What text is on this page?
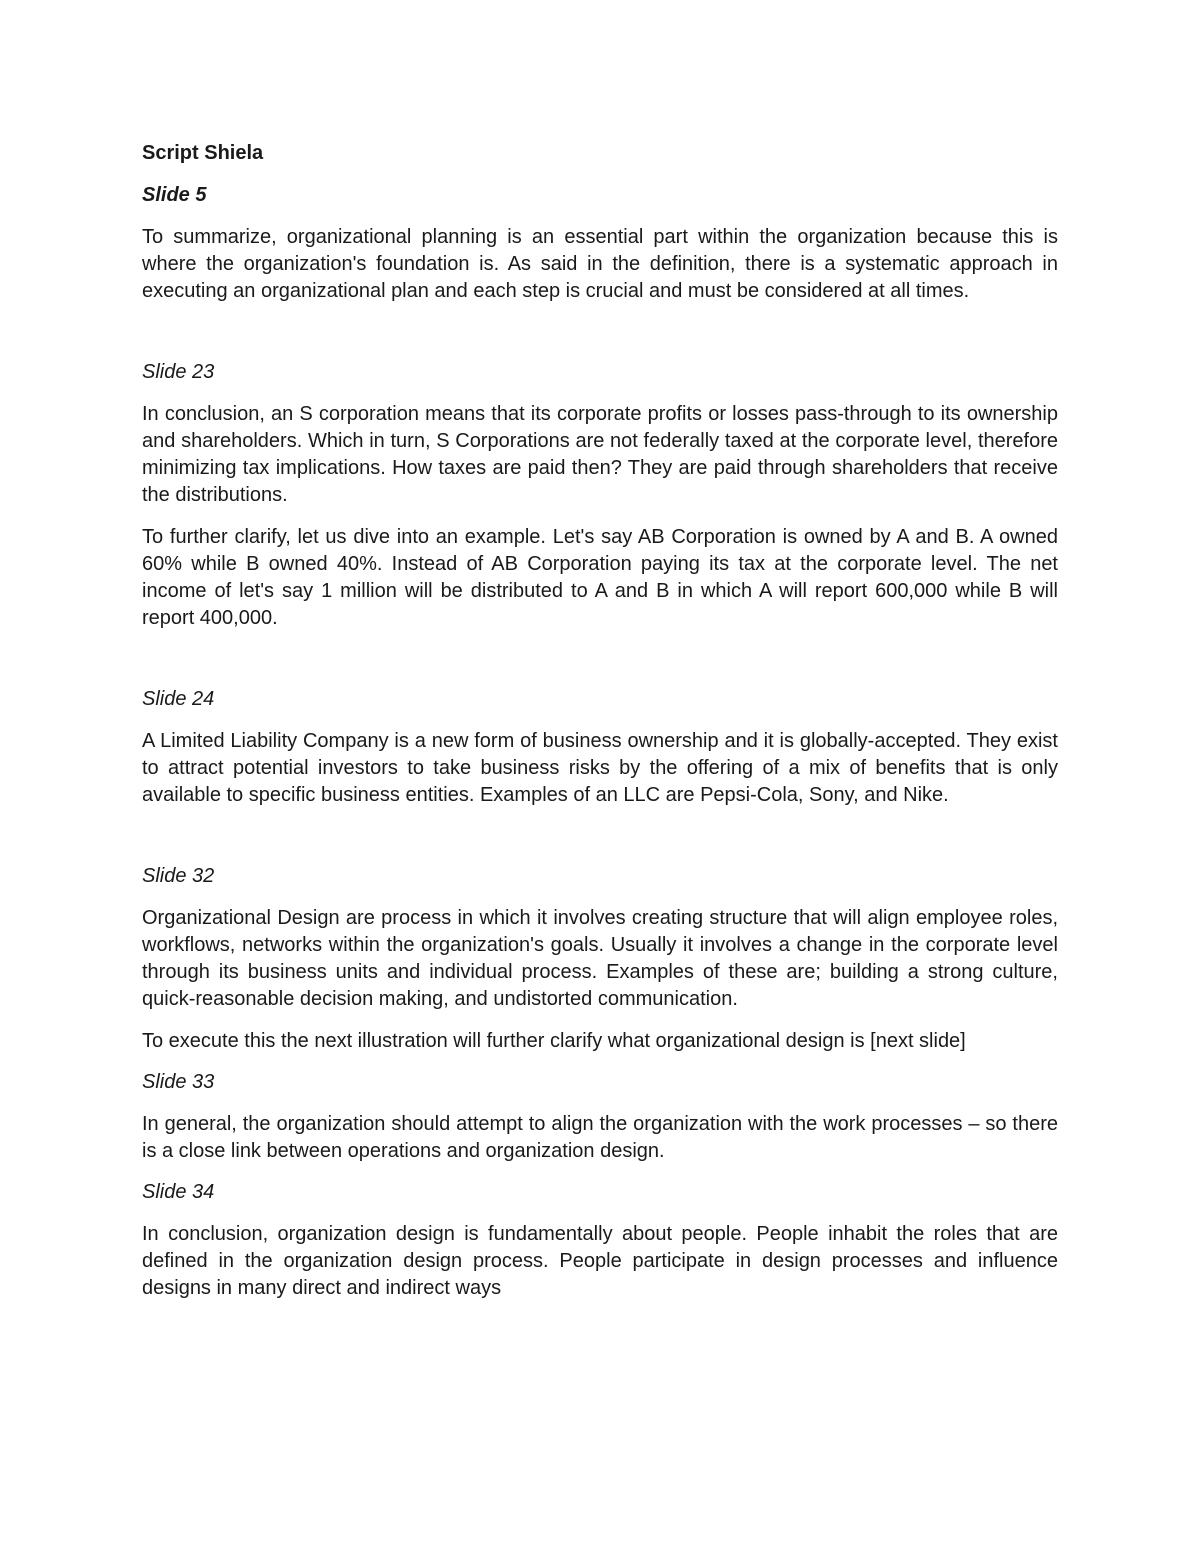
Script Shiela
Slide 5

To summarize, organizational planning is an essential part within the organization because this is where the organization's foundation is. As said in the definition, there is a systematic approach in executing an organizational plan and each step is crucial and must be considered at all times.

Slide 23

In conclusion, an S corporation means that its corporate profits or losses pass-through to its ownership and shareholders. Which in turn, S Corporations are not federally taxed at the corporate level, therefore minimizing tax implications. How taxes are paid then? They are paid through shareholders that receive the distributions.

To further clarify, let us dive into an example. Let's say AB Corporation is owned by A and B. A owned 60% while B owned 40%. Instead of AB Corporation paying its tax at the corporate level. The net income of let's say 1 million will be distributed to A and B in which A will report 600,000 while B will report 400,000.

Slide 24

A Limited Liability Company is a new form of business ownership and it is globally-accepted. They exist to attract potential investors to take business risks by the offering of a mix of benefits that is only available to specific business entities. Examples of an LLC are Pepsi-Cola, Sony, and Nike.

Slide 32

Organizational Design are process in which it involves creating structure that will align employee roles, workflows, networks within the organization's goals. Usually it involves a change in the corporate level through its business units and individual process. Examples of these are; building a strong culture, quick-reasonable decision making, and undistorted communication.

To execute this the next illustration will further clarify what organizational design is [next slide]

Slide 33

In general, the organization should attempt to align the organization with the work processes – so there is a close link between operations and organization design.

Slide 34

In conclusion, organization design is fundamentally about people. People inhabit the roles that are defined in the organization design process. People participate in design processes and influence designs in many direct and indirect ways
